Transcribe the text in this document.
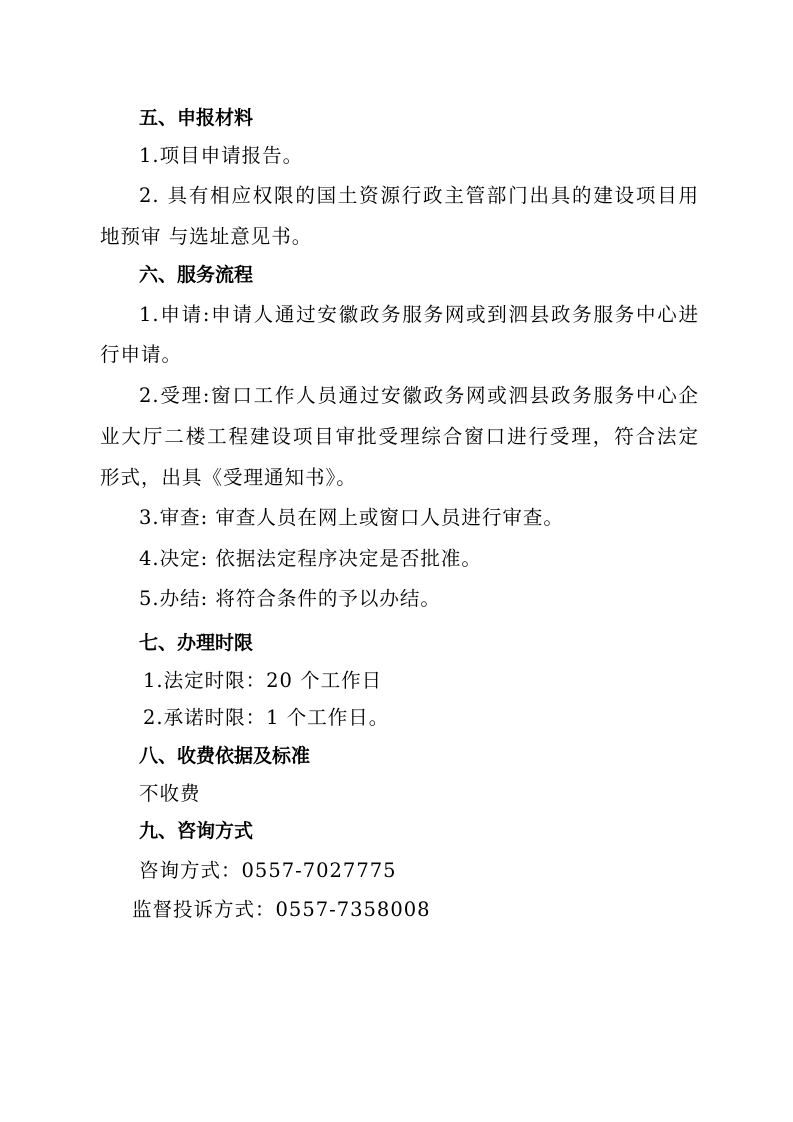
五、申报材料
1.项目申请报告。
2. 具有相应权限的国土资源行政主管部门出具的建设项目用
地预审 与选址意见书。
六、服务流程
1.申请:申请人通过安徽政务服务网或到泗县政务服务中心进
行申请。
2.受理:窗口工作人员通过安徽政务网或泗县政务服务中心企
业大厅二楼工程建设项目审批受理综合窗口进行受理，符合法定
形式，出具《受理通知书》。
3.审查: 审查人员在网上或窗口人员进行审查。
4.决定: 依据法定程序决定是否批准。
5.办结: 将符合条件的予以办结。
七、办理时限
1.法定时限：20 个工作日
2.承诺时限：1 个工作日。
八、收费依据及标准
不收费
九、咨询方式
咨询方式：0557-7027775
监督投诉方式：0557-7358008
